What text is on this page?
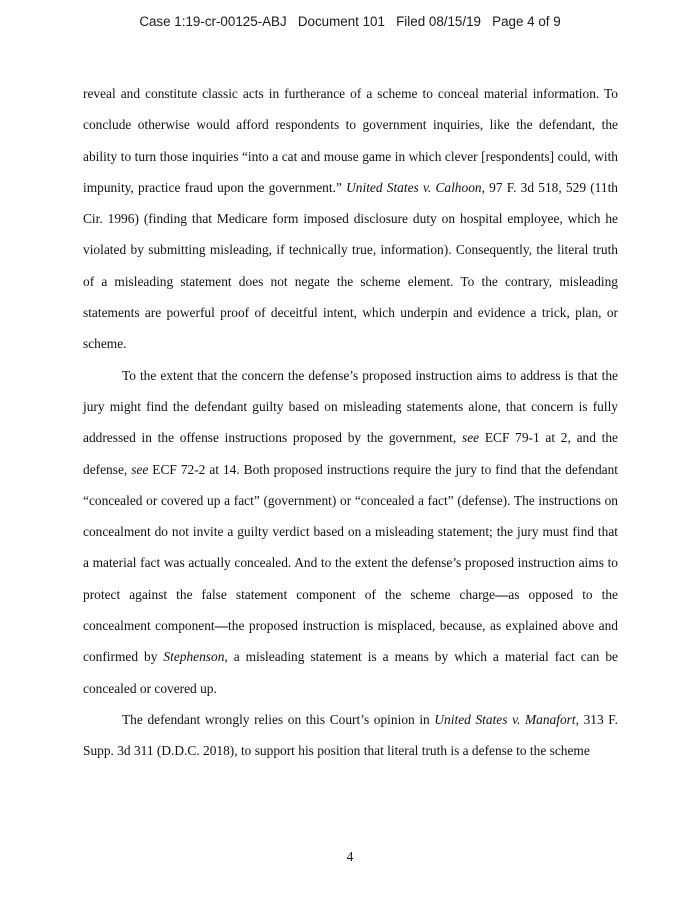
Case 1:19-cr-00125-ABJ Document 101 Filed 08/15/19 Page 4 of 9

reveal and constitute classic acts in furtherance of a scheme to conceal material information. To conclude otherwise would afford respondents to government inquiries, like the defendant, the ability to turn those inquiries “into a cat and mouse game in which clever [respondents] could, with impunity, practice fraud upon the government.” United States v. Calhoon, 97 F. 3d 518, 529 (11th Cir. 1996) (finding that Medicare form imposed disclosure duty on hospital employee, which he violated by submitting misleading, if technically true, information). Consequently, the literal truth of a misleading statement does not negate the scheme element. To the contrary, misleading statements are powerful proof of deceitful intent, which underpin and evidence a trick, plan, or scheme.

To the extent that the concern the defense’s proposed instruction aims to address is that the jury might find the defendant guilty based on misleading statements alone, that concern is fully addressed in the offense instructions proposed by the government, see ECF 79-1 at 2, and the defense, see ECF 72-2 at 14. Both proposed instructions require the jury to find that the defendant “concealed or covered up a fact” (government) or “concealed a fact” (defense). The instructions on concealment do not invite a guilty verdict based on a misleading statement; the jury must find that a material fact was actually concealed. And to the extent the defense’s proposed instruction aims to protect against the false statement component of the scheme charge—as opposed to the concealment component—the proposed instruction is misplaced, because, as explained above and confirmed by Stephenson, a misleading statement is a means by which a material fact can be concealed or covered up.

The defendant wrongly relies on this Court’s opinion in United States v. Manafort, 313 F. Supp. 3d 311 (D.D.C. 2018), to support his position that literal truth is a defense to the scheme

4
